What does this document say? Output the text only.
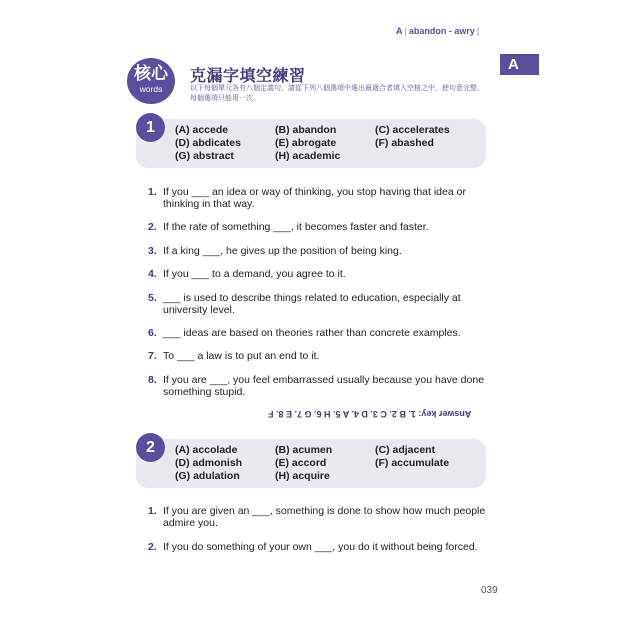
A | abandon - awry |
A
核心
words
克漏字填空練習
以下每個單元各有八個定義句，請從下列八個選項中選出最適合者填入空格之中，使句意完整，每個選項只能用一次。
1	(A) accede	(B) abandon	(C) accelerates
(D) abdicates	(E) abrogate	(F) abashed
(G) abstract	(H) academic
1. If you ___ an idea or way of thinking, you stop having that idea or thinking in that way.
2. If the rate of something ___, it becomes faster and faster.
3. If a king ___, he gives up the position of being king.
4. If you ___ to a demand, you agree to it.
5. ___ is used to describe things related to education, especially at university level.
6. ___ ideas are based on theories rather than concrete examples.
7. To ___ a law is to put an end to it.
8. If you are ___, you feel embarrassed usually because you have done something stupid.
Answer key: 1. B 2. C 3. D 4. A 5. H 6. G 7. E 8. F
2	(A) accolade	(B) acumen	(C) adjacent
(D) admonish	(E) accord	(F) accumulate
(G) adulation	(H) acquire
1. If you are given an ___, something is done to show how much people admire you.
2. If you do something of your own ___, you do it without being forced.
039
